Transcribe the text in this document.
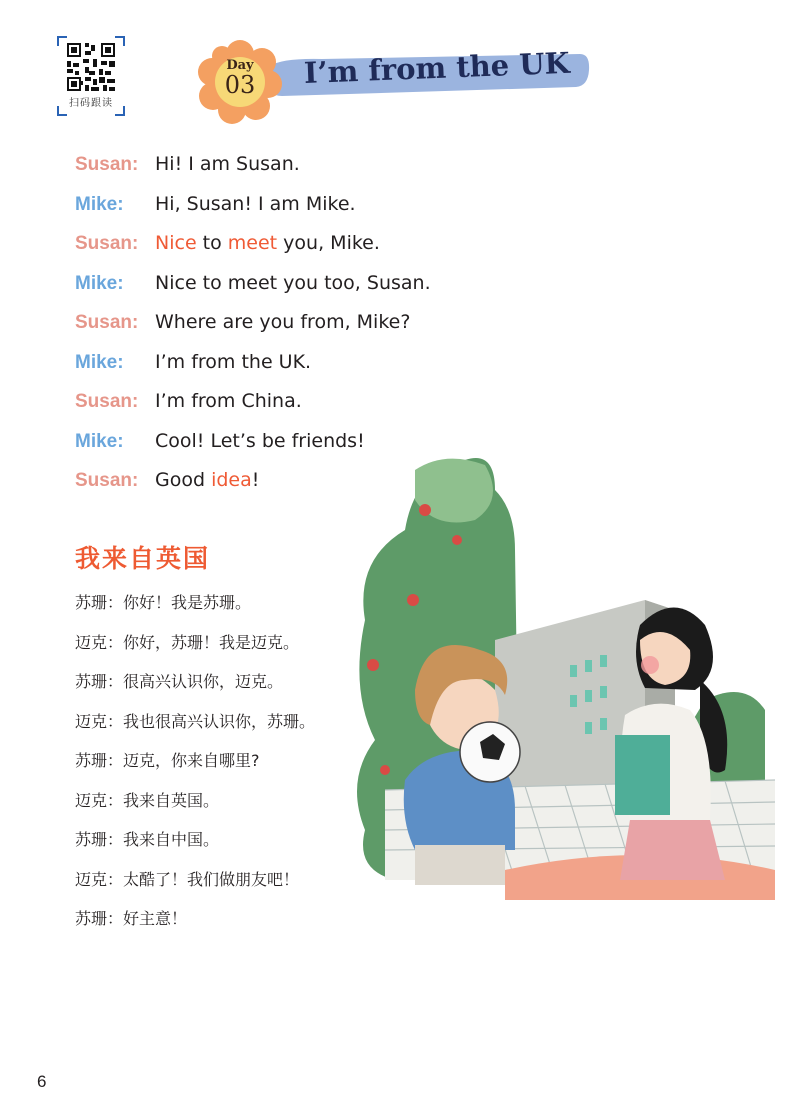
扫码跟读
I’m from the UK
Day
03
Susan: Hi! I am Susan.
Mike: Hi, Susan! I am Mike.
Susan: Nice to meet you, Mike.
Mike: Nice to meet you too, Susan.
Susan: Where are you from, Mike?
Mike: I’m from the UK.
Susan: I’m from China.
Mike: Cool! Let’s be friends!
Susan: Good idea!
我来自英国
苏珊：你好！我是苏珊。
迈克：你好，苏珊！我是迈克。
苏珊：很高兴认识你，迈克。
迈克：我也很高兴认识你，苏珊。
苏珊：迈克，你来自哪里?
迈克：我来自英国。
苏珊：我来自中国。
迈克：太酷了！我们做朋友吧！
苏珊：好主意！
6
